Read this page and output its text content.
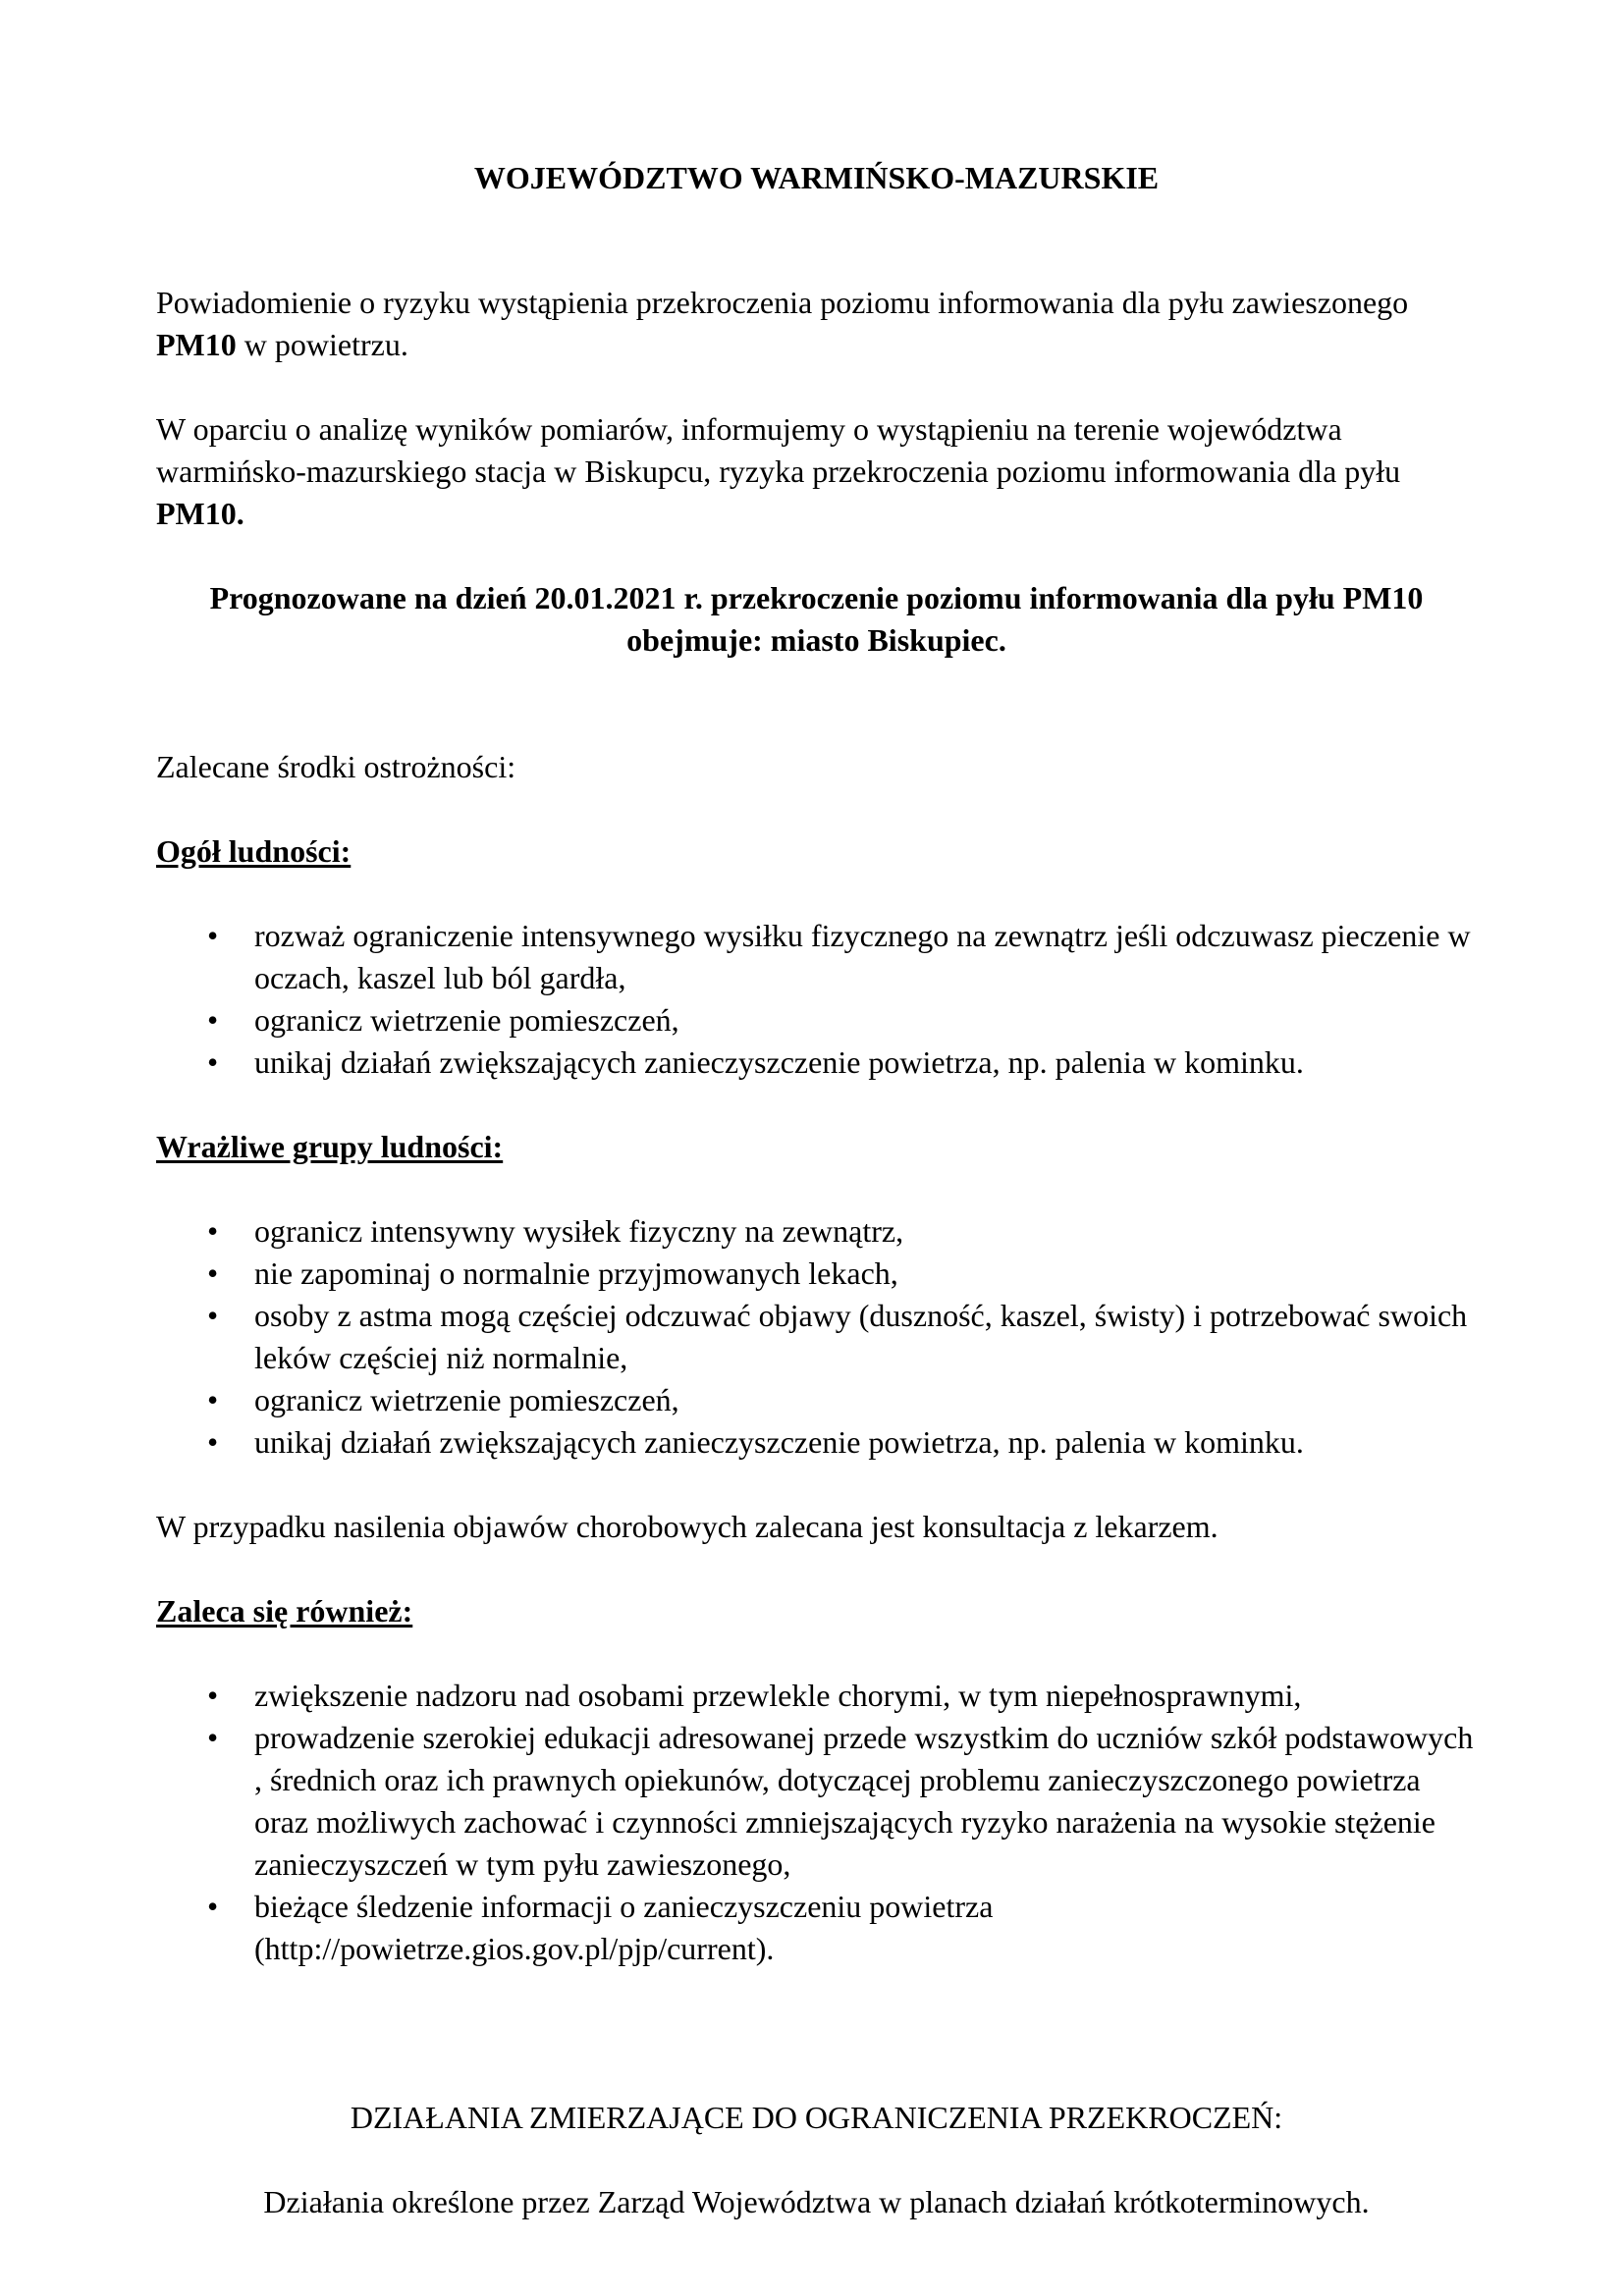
WOJEWÓDZTWO WARMIŃSKO-MAZURSKIE

Powiadomienie o ryzyku wystąpienia przekroczenia poziomu informowania dla pyłu zawieszonego
PM10 w powietrzu.

W oparciu o analizę wyników pomiarów, informujemy o wystąpieniu na terenie województwa warmińsko-mazurskiego stacja w Biskupcu, ryzyka przekroczenia poziomu informowania dla pyłu
PM10.

Prognozowane na dzień 20.01.2021 r. przekroczenie poziomu informowania dla pyłu PM10
obejmuje: miasto Biskupiec.

Zalecane środki ostrożności:

Ogół ludności:

• rozważ ograniczenie intensywnego wysiłku fizycznego na zewnątrz jeśli odczuwasz pieczenie w oczach, kaszel lub ból gardła,
• ogranicz wietrzenie pomieszczeń,
• unikaj działań zwiększających zanieczyszczenie powietrza, np. palenia w kominku.

Wrażliwe grupy ludności:

• ogranicz intensywny wysiłek fizyczny na zewnątrz,
• nie zapominaj o normalnie przyjmowanych lekach,
• osoby z astma mogą częściej odczuwać objawy (duszność, kaszel, świsty) i potrzebować swoich leków częściej niż normalnie,
• ogranicz wietrzenie pomieszczeń,
• unikaj działań zwiększających zanieczyszczenie powietrza, np. palenia w kominku.

W przypadku nasilenia objawów chorobowych zalecana jest konsultacja z lekarzem.

Zaleca się również:

• zwiększenie nadzoru nad osobami przewlekle chorymi, w tym niepełnosprawnymi,
• prowadzenie szerokiej edukacji adresowanej przede wszystkim do uczniów szkół podstawowych , średnich oraz ich prawnych opiekunów, dotyczącej problemu zanieczyszczonego powietrza oraz możliwych zachować i czynności zmniejszających ryzyko narażenia na wysokie stężenie zanieczyszczeń w tym pyłu zawieszonego,
• bieżące śledzenie informacji o zanieczyszczeniu powietrza (http://powietrze.gios.gov.pl/pjp/current).

DZIAŁANIA ZMIERZAJĄCE DO OGRANICZENIA PRZEKROCZEŃ:

Działania określone przez Zarząd Województwa w planach działań krótkoterminowych.
